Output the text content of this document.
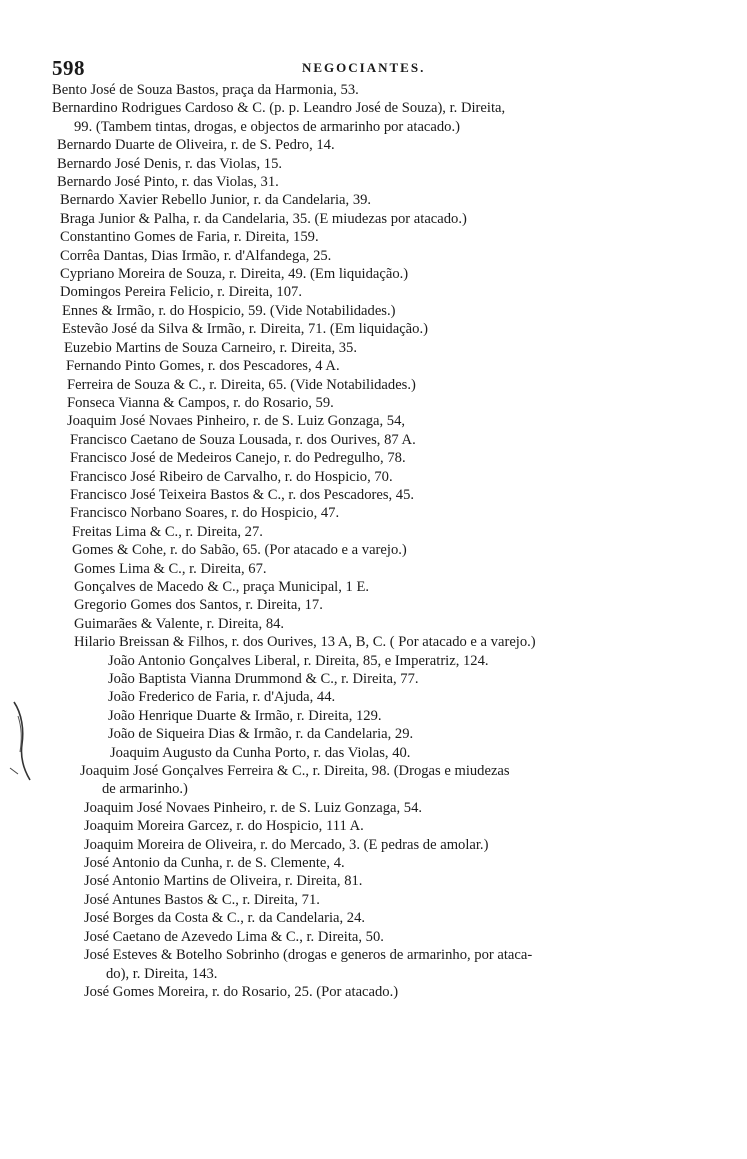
598	NEGOCIANTES.
Bento José de Souza Bastos, praça da Harmonia, 53.
Bernardino Rodrigues Cardoso & C. (p. p. Leandro José de Souza), r. Direita,
99. (Tambem tintas, drogas, e objectos de armarinho por atacado.)
Bernardo Duarte de Oliveira, r. de S. Pedro, 14.
Bernardo José Denis, r. das Violas, 15.
Bernardo José Pinto, r. das Violas, 31.
Bernardo Xavier Rebello Junior, r. da Candelaria, 39.
Braga Junior & Palha, r. da Candelaria, 35. (E miudezas por atacado.)
Constantino Gomes de Faria, r. Direita, 159.
Corrêa Dantas, Dias Irmão, r. d'Alfandega, 25.
Cypriano Moreira de Souza, r. Direita, 49. (Em liquidação.)
Domingos Pereira Felicio, r. Direita, 107.
Ennes & Irmão, r. do Hospicio, 59. (Vide Notabilidades.)
Estevão José da Silva & Irmão, r. Direita, 71. (Em liquidação.)
Euzebio Martins de Souza Carneiro, r. Direita, 35.
Fernando Pinto Gomes, r. dos Pescadores, 4 A.
Ferreira de Souza & C., r. Direita, 65. (Vide Notabilidades.)
Fonseca Vianna & Campos, r. do Rosario, 59.
Joaquim José Novaes Pinheiro, r. de S. Luiz Gonzaga, 54,
Francisco Caetano de Souza Lousada, r. dos Ourives, 87 A.
Francisco José de Medeiros Canejo, r. do Pedregulho, 78.
Francisco José Ribeiro de Carvalho, r. do Hospicio, 70.
Francisco José Teixeira Bastos & C., r. dos Pescadores, 45.
Francisco Norbano Soares, r. do Hospicio, 47.
Freitas Lima & C., r. Direita, 27.
Gomes & Cohe, r. do Sabão, 65. (Por atacado e a varejo.)
Gomes Lima & C., r. Direita, 67.
Gonçalves de Macedo & C., praça Municipal, 1 E.
Gregorio Gomes dos Santos, r. Direita, 17.
Guimarães & Valente, r. Direita, 84.
Hilario Breissan & Filhos, r. dos Ourives, 13 A, B, C. ( Por atacado e a varejo.)
João Antonio Gonçalves Liberal, r. Direita, 85, e Imperatriz, 124.
João Baptista Vianna Drummond & C., r. Direita, 77.
João Frederico de Faria, r. d'Ajuda, 44.
João Henrique Duarte & Irmão, r. Direita, 129.
João de Siqueira Dias & Irmão, r. da Candelaria, 29.
Joaquim Augusto da Cunha Porto, r. das Violas, 40.
Joaquim José Gonçalves Ferreira & C., r. Direita, 98. (Drogas e miudezas
de armarinho.)
Joaquim José Novaes Pinheiro, r. de S. Luiz Gonzaga, 54.
Joaquim Moreira Garcez, r. do Hospicio, 111 A.
Joaquim Moreira de Oliveira, r. do Mercado, 3. (E pedras de amolar.)
José Antonio da Cunha, r. de S. Clemente, 4.
José Antonio Martins de Oliveira, r. Direita, 81.
José Antunes Bastos & C., r. Direita, 71.
José Borges da Costa & C., r. da Candelaria, 24.
José Caetano de Azevedo Lima & C., r. Direita, 50.
José Esteves & Botelho Sobrinho (drogas e generos de armarinho, por ataca-
do), r. Direita, 143.
José Gomes Moreira, r. do Rosario, 25. (Por atacado.)
